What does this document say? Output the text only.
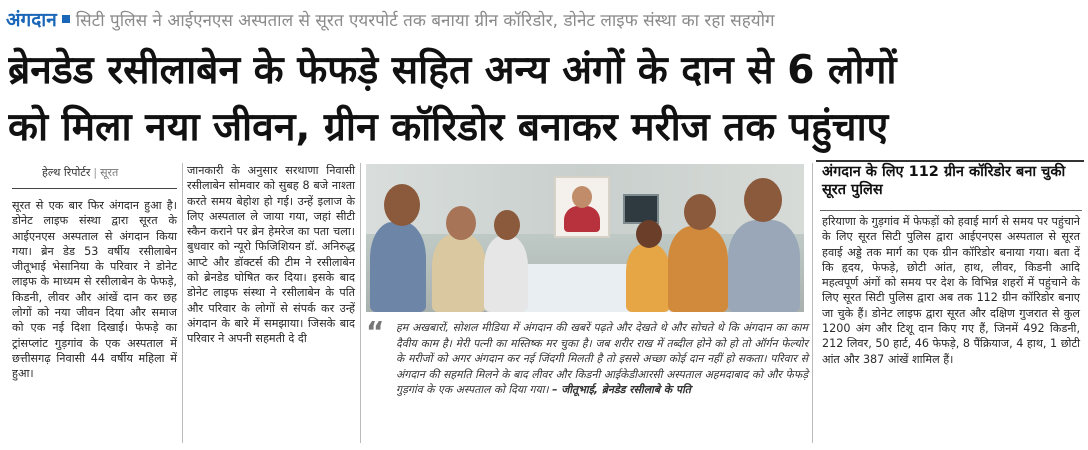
अंगदान सिटी पुलिस ने आईएनएस अस्पताल से सूरत एयरपोर्ट तक बनाया ग्रीन कॉरिडोर, डोनेट लाइफ संस्था का रहा सहयोग
ब्रेनडेड रसीलाबेन के फेफड़े सहित अन्य अंगों के दान से 6 लोगों
को मिला नया जीवन, ग्रीन कॉरिडोर बनाकर मरीज तक पहुंचाए
हेल्थ रिपोर्टर | सूरत
सूरत से एक बार फिर अंगदान हुआ है। डोनेट लाइफ संस्था द्वारा सूरत के आईएनएस अस्पताल से अंगदान किया गया। ब्रेन डेड 53 वर्षीय रसीलाबेन जीतूभाई भेसानिया के परिवार ने डोनेट लाइफ के माध्यम से रसीलाबेन के फेफड़े, किडनी, लीवर और आंखें दान कर छह लोगों को नया जीवन दिया और समाज को एक नई दिशा दिखाई। फेफड़े का ट्रांसप्लांट गुड़गांव के एक अस्पताल में छत्तीसगढ़ निवासी 44 वर्षीय महिला में हुआ।
जानकारी के अनुसार सरथाणा निवासी रसीलाबेन सोमवार को सुबह 8 बजे नाश्ता करते समय बेहोश हो गई। उन्हें इलाज के लिए अस्पताल ले जाया गया, जहां सीटी स्कैन कराने पर ब्रेन हेमरेज का पता चला। बुधवार को न्यूरो फिजिशियन डॉ. अनिरुद्ध आप्टे और डॉक्टर्स की टीम ने रसीलाबेन को ब्रेनडेड घोषित कर दिया। इसके बाद डोनेट लाइफ संस्था ने रसीलाबेन के पति और परिवार के लोगों से संपर्क कर उन्हें अंगदान के बारे में समझाया। जिसके बाद परिवार ने अपनी सहमती दे दी	“ हम अखबारों, सोशल मीडिया में अंगदान की खबरें पढ़ते और देखते थे और सोचते थे कि अंगदान का काम दैवीय काम है। मेरी पत्नी का मस्तिष्क मर चुका है। जब शरीर राख में तब्दील होने को हो तो ऑर्गन फेल्योर के मरीजों को अगर अंगदान कर नई जिंदगी मिलती है तो इससे अच्छा कोई दान नहीं हो सकता। परिवार से अंगदान की सहमति मिलने के बाद लीवर और किडनी आईकेडीआरसी अस्पताल अहमदाबाद को और फेफड़े गुड़गांव के एक अस्पताल को दिया गया। – जीतूभाई, ब्रेनडेड रसीलाबे के पति
अंगदान के लिए 112 ग्रीन कॉरिडोर बना चुकी सूरत पुलिस
हरियाणा के गुड़गांव में फेफड़ों को हवाई मार्ग से समय पर पहुंचाने के लिए सूरत सिटी पुलिस द्वारा आईएनएस अस्पताल से सूरत हवाई अड्डे तक मार्ग का एक ग्रीन कॉरिडोर बनाया गया। बता दें कि हृदय, फेफड़े, छोटी आंत, हाथ, लीवर, किडनी आदि महत्वपूर्ण अंगों को समय पर देश के विभिन्न शहरों में पहुंचाने के लिए सूरत सिटी पुलिस द्वारा अब तक 112 ग्रीन कॉरिडोर बनाए जा चुके हैं। डोनेट लाइफ द्वारा सूरत और दक्षिण गुजरात से कुल 1200 अंग और टिशू दान किए गए हैं, जिनमें 492 किडनी, 212 लिवर, 50 हार्ट, 46 फेफड़े, 8 पैंक्रियाज, 4 हाथ, 1 छोटी आंत और 387 आंखें शामिल हैं।
